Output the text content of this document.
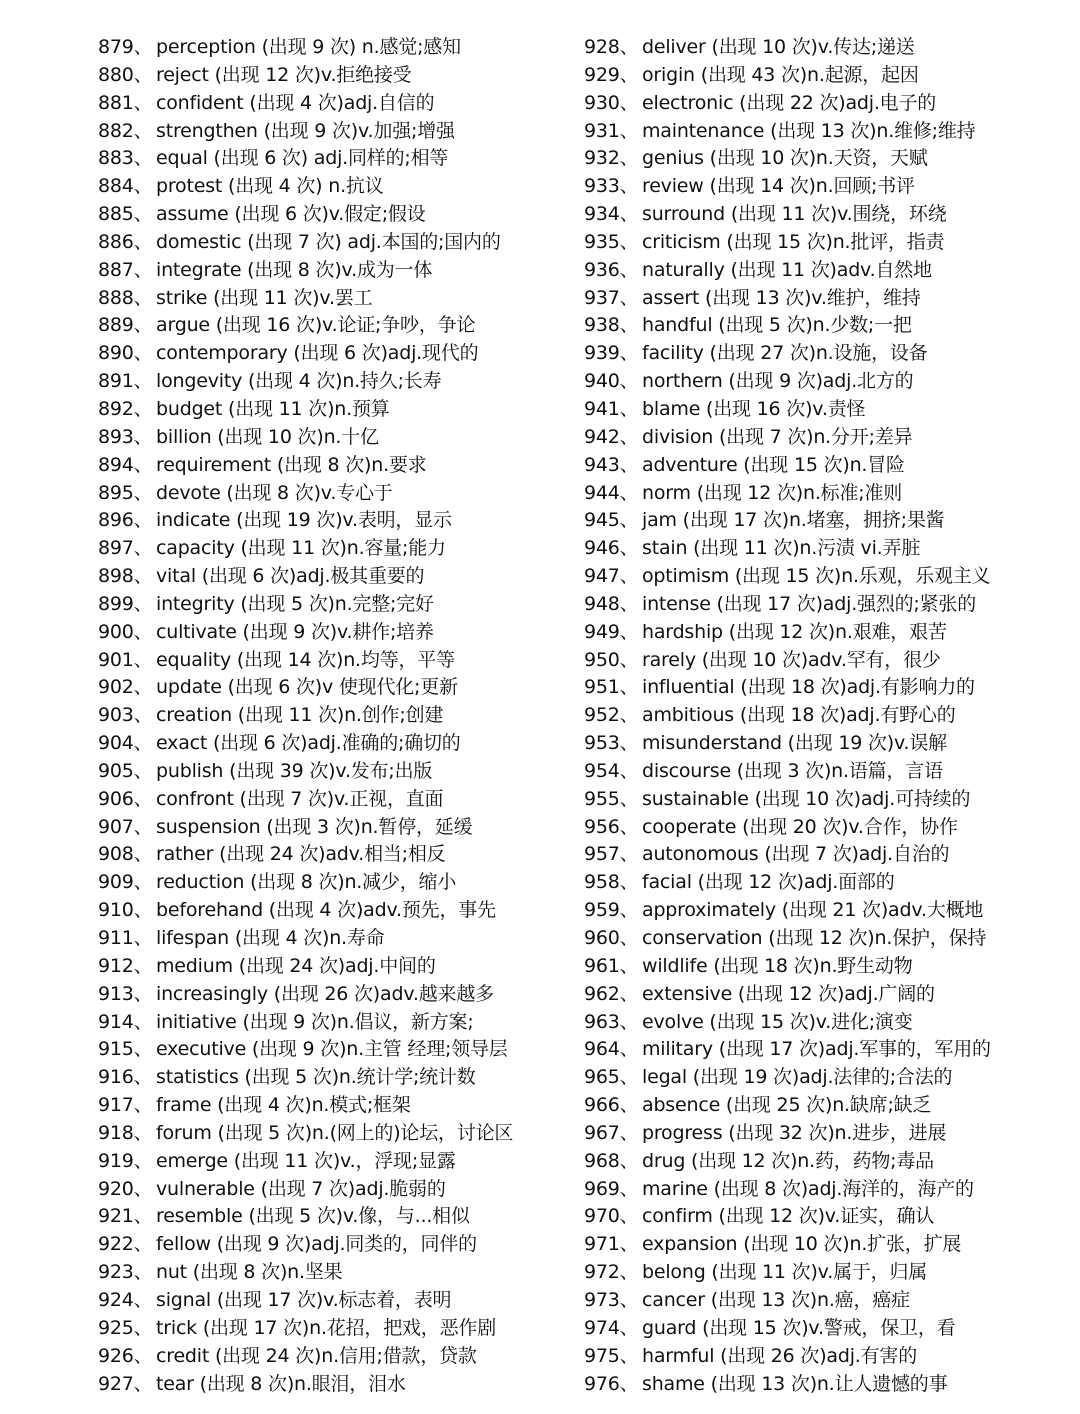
879、 perception (出现 9 次) n.感觉;感知
880、 reject (出现 12 次)v.拒绝接受
881、 confident (出现 4 次)adj.自信的
882、 strengthen (出现 9 次)v.加强;增强
883、 equal (出现 6 次) adj.同样的;相等
884、 protest (出现 4 次) n.抗议
885、 assume (出现 6 次)v.假定;假设
886、 domestic (出现 7 次) adj.本国的;国内的
887、 integrate (出现 8 次)v.成为一体
888、 strike (出现 11 次)v.罢工
889、 argue (出现 16 次)v.论证;争吵，争论
890、 contemporary (出现 6 次)adj.现代的
891、 longevity (出现 4 次)n.持久;长寿
892、 budget (出现 11 次)n.预算
893、 billion (出现 10 次)n.十亿
894、 requirement (出现 8 次)n.要求
895、 devote (出现 8 次)v.专心于
896、 indicate (出现 19 次)v.表明，显示
897、 capacity (出现 11 次)n.容量;能力
898、 vital (出现 6 次)adj.极其重要的
899、 integrity (出现 5 次)n.完整;完好
900、 cultivate (出现 9 次)v.耕作;培养
901、 equality (出现 14 次)n.均等，平等
902、 update (出现 6 次)v 使现代化;更新
903、 creation (出现 11 次)n.创作;创建
904、 exact (出现 6 次)adj.准确的;确切的
905、 publish (出现 39 次)v.发布;出版
906、 confront (出现 7 次)v.正视，直面
907、 suspension (出现 3 次)n.暂停，延缓
908、 rather (出现 24 次)adv.相当;相反
909、 reduction (出现 8 次)n.减少，缩小
910、 beforehand (出现 4 次)adv.预先，事先
911、 lifespan (出现 4 次)n.寿命
912、 medium (出现 24 次)adj.中间的
913、 increasingly (出现 26 次)adv.越来越多
914、 initiative (出现 9 次)n.倡议，新方案;
915、 executive (出现 9 次)n.主管 经理;领导层
916、 statistics (出现 5 次)n.统计学;统计数
917、 frame (出现 4 次)n.模式;框架
918、 forum (出现 5 次)n.(网上的)论坛，讨论区
919、 emerge (出现 11 次)v.，浮现;显露
920、 vulnerable (出现 7 次)adj.脆弱的
921、 resemble (出现 5 次)v.像，与...相似
922、 fellow (出现 9 次)adj.同类的，同伴的
923、 nut (出现 8 次)n.坚果
924、 signal (出现 17 次)v.标志着，表明
925、 trick (出现 17 次)n.花招，把戏，恶作剧
926、 credit (出现 24 次)n.信用;借款，贷款
927、 tear (出现 8 次)n.眼泪，泪水
928、 deliver (出现 10 次)v.传达;递送
929、 origin (出现 43 次)n.起源，起因
930、 electronic (出现 22 次)adj.电子的
931、 maintenance (出现 13 次)n.维修;维持
932、 genius (出现 10 次)n.天资，天赋
933、 review (出现 14 次)n.回顾;书评
934、 surround (出现 11 次)v.围绕，环绕
935、 criticism (出现 15 次)n.批评，指责
936、 naturally (出现 11 次)adv.自然地
937、 assert (出现 13 次)v.维护，维持
938、 handful (出现 5 次)n.少数;一把
939、 facility (出现 27 次)n.设施，设备
940、 northern (出现 9 次)adj.北方的
941、 blame (出现 16 次)v.责怪
942、 division (出现 7 次)n.分开;差异
943、 adventure (出现 15 次)n.冒险
944、 norm (出现 12 次)n.标准;准则
945、 jam (出现 17 次)n.堵塞，拥挤;果酱
946、 stain (出现 11 次)n.污渍 vi.弄脏
947、 optimism (出现 15 次)n.乐观，乐观主义
948、 intense (出现 17 次)adj.强烈的;紧张的
949、 hardship (出现 12 次)n.艰难，艰苦
950、 rarely (出现 10 次)adv.罕有，很少
951、 influential (出现 18 次)adj.有影响力的
952、 ambitious (出现 18 次)adj.有野心的
953、 misunderstand (出现 19 次)v.误解
954、 discourse (出现 3 次)n.语篇，言语
955、 sustainable (出现 10 次)adj.可持续的
956、 cooperate (出现 20 次)v.合作，协作
957、 autonomous (出现 7 次)adj.自治的
958、 facial (出现 12 次)adj.面部的
959、 approximately (出现 21 次)adv.大概地
960、 conservation (出现 12 次)n.保护，保持
961、 wildlife (出现 18 次)n.野生动物
962、 extensive (出现 12 次)adj.广阔的
963、 evolve (出现 15 次)v.进化;演变
964、 military (出现 17 次)adj.军事的，军用的
965、 legal (出现 19 次)adj.法律的;合法的
966、 absence (出现 25 次)n.缺席;缺乏
967、 progress (出现 32 次)n.进步，进展
968、 drug (出现 12 次)n.药，药物;毒品
969、 marine (出现 8 次)adj.海洋的，海产的
970、 confirm (出现 12 次)v.证实，确认
971、 expansion (出现 10 次)n.扩张，扩展
972、 belong (出现 11 次)v.属于，归属
973、 cancer (出现 13 次)n.癌，癌症
974、 guard (出现 15 次)v.警戒，保卫，看
975、 harmful (出现 26 次)adj.有害的
976、 shame (出现 13 次)n.让人遗憾的事
